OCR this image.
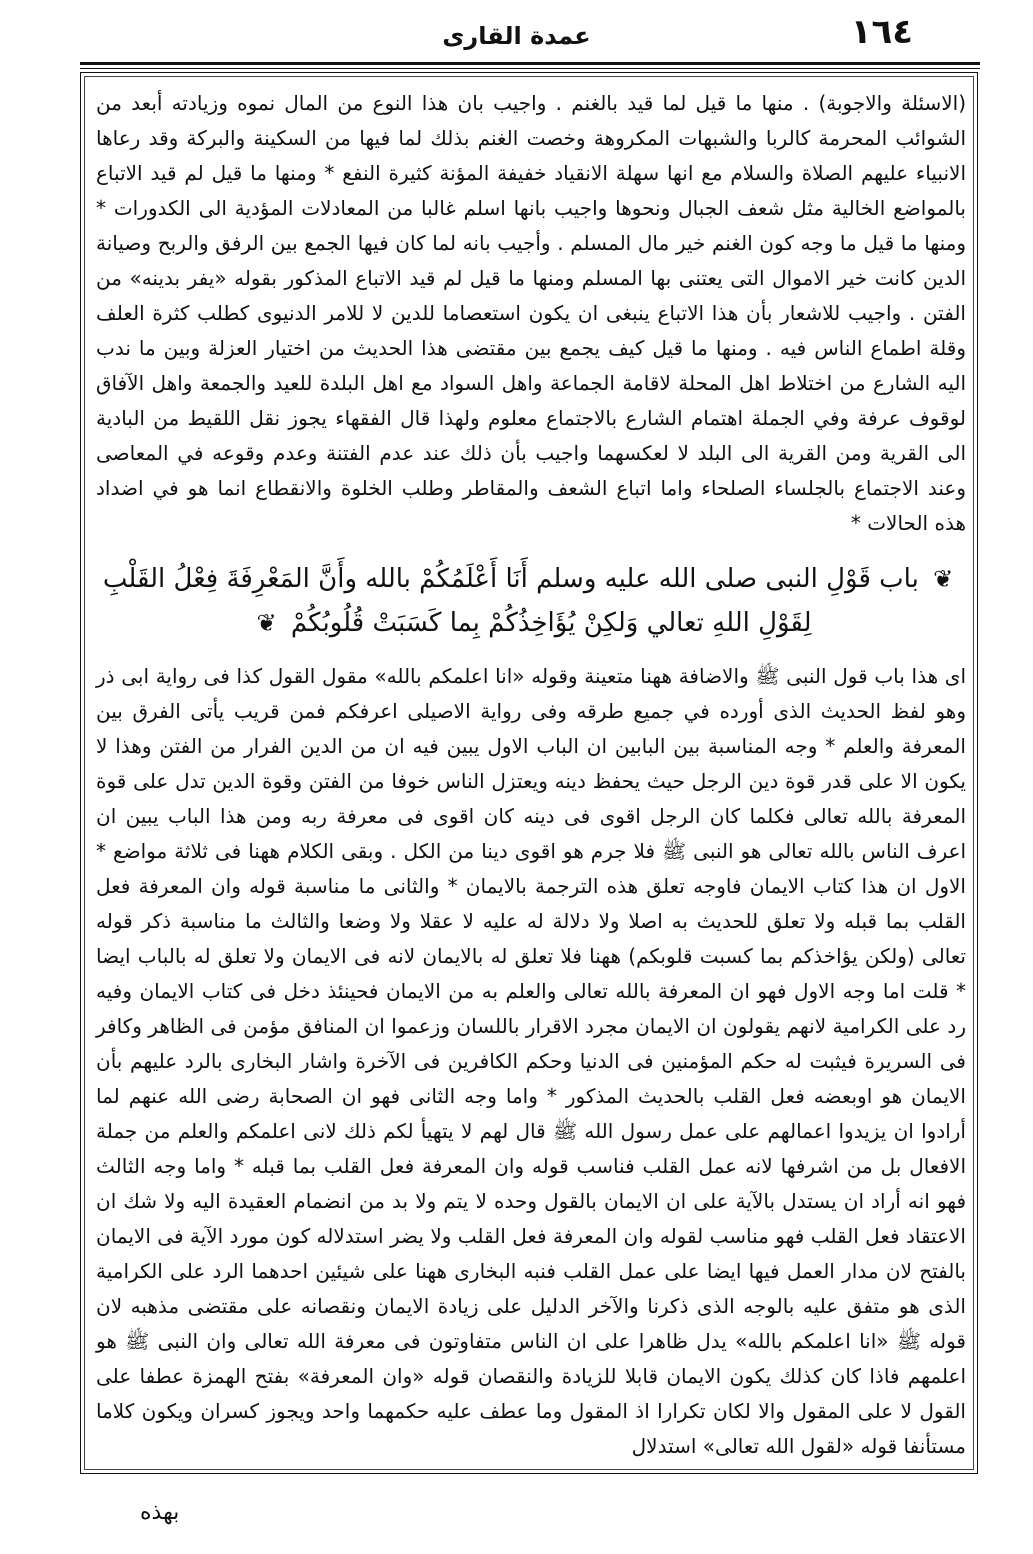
١٦٤
عمدة القارى

(الاسئلة والاجوبة) . منها ما قيل لما قيد بالغنم . واجيب بان هذا النوع من المال نموه وزيادته أبعد من الشوائب المحرمة كالربا والشبهات المكروهة وخصت الغنم بذلك لما فيها من السكينة والبركة وقد رعاها الانبياء عليهم الصلاة والسلام مع انها سهلة الانقياد خفيفة المؤنة كثيرة النفع * ومنها ما قيل لم قيد الاتباع بالمواضع الخالية مثل شعف الجبال ونحوها واجيب بانها اسلم غالبا من المعادلات المؤدية الى الكدورات * ومنها ما قيل ما وجه كون الغنم خير مال المسلم . وأجيب بانه لما كان فيها الجمع بين الرفق والربح وصيانة الدين كانت خير الاموال التى يعتنى بها المسلم ومنها ما قيل لم قيد الاتباع المذكور بقوله «يفر بدينه» من الفتن . واجيب للاشعار بأن هذا الاتباع ينبغى ان يكون استعصاما للدين لا للامر الدنيوى كطلب كثرة العلف وقلة اطماع الناس فيه . ومنها ما قيل كيف يجمع بين مقتضى هذا الحديث من اختيار العزلة وبين ما ندب اليه الشارع من اختلاط اهل المحلة لاقامة الجماعة واهل السواد مع اهل البلدة للعيد والجمعة واهل الآفاق لوقوف عرفة وفي الجملة اهتمام الشارع بالاجتماع معلوم ولهذا قال الفقهاء يجوز نقل اللقيط من البادية الى القرية ومن القرية الى البلد لا لعكسهما واجيب بأن ذلك عند عدم الفتنة وعدم وقوعه في المعاصى وعند الاجتماع بالجلساء الصلحاء واما اتباع الشعف والمقاطر وطلب الخلوة والانقطاع انما هو في اضداد هذه الحالات *

❦ باب قَوْلِ النبى صلى الله عليه وسلم أَنَا أَعْلَمُكُمْ بالله وأَنَّ المَعْرِفَةَ فِعْلُ القَلْبِ لِقَوْلِ اللهِ تعالي وَلكِنْ يُؤَاخِذُكُمْ بِما كَسَبَتْ قُلُوبُكُمْ ❦

اى هذا باب قول النبى ﷺ والاضافة ههنا متعينة وقوله «انا اعلمكم بالله» مقول القول كذا فى رواية ابى ذر وهو لفظ الحديث الذى أورده في جميع طرقه وفى رواية الاصيلى اعرفكم فمن قريب يأتى الفرق بين المعرفة والعلم * وجه المناسبة بين البابين ان الباب الاول يبين فيه ان من الدين الفرار من الفتن وهذا لا يكون الا على قدر قوة دين الرجل حيث يحفظ دينه ويعتزل الناس خوفا من الفتن وقوة الدين تدل على قوة المعرفة بالله تعالى فكلما كان الرجل اقوى فى دينه كان اقوى فى معرفة ربه ومن هذا الباب يبين ان اعرف الناس بالله تعالى هو النبى ﷺ فلا جرم هو اقوى دينا من الكل . وبقى الكلام ههنا فى ثلاثة مواضع * الاول ان هذا كتاب الايمان فاوجه تعلق هذه الترجمة بالايمان * والثانى ما مناسبة قوله وان المعرفة فعل القلب بما قبله ولا تعلق للحديث به اصلا ولا دلالة له عليه لا عقلا ولا وضعا والثالث ما مناسبة ذكر قوله تعالى (ولكن يؤاخذكم بما كسبت قلوبكم) ههنا فلا تعلق له بالايمان لانه فى الايمان ولا تعلق له بالباب ايضا * قلت اما وجه الاول فهو ان المعرفة بالله تعالى والعلم به من الايمان فحينئذ دخل فى كتاب الايمان وفيه رد على الكرامية لانهم يقولون ان الايمان مجرد الاقرار باللسان وزعموا ان المنافق مؤمن فى الظاهر وكافر فى السريرة فيثبت له حكم المؤمنين فى الدنيا وحكم الكافرين فى الآخرة واشار البخارى بالرد عليهم بأن الايمان هو اوبعضه فعل القلب بالحديث المذكور * واما وجه الثانى فهو ان الصحابة رضى الله عنهم لما أرادوا ان يزيدوا اعمالهم على عمل رسول الله ﷺ قال لهم لا يتهيأ لكم ذلك لانى اعلمكم والعلم من جملة الافعال بل من اشرفها لانه عمل القلب فناسب قوله وان المعرفة فعل القلب بما قبله * واما وجه الثالث فهو انه أراد ان يستدل بالآية على ان الايمان بالقول وحده لا يتم ولا بد من انضمام العقيدة اليه ولا شك ان الاعتقاد فعل القلب فهو مناسب لقوله وان المعرفة فعل القلب ولا يضر استدلاله كون مورد الآية فى الايمان بالفتح لان مدار العمل فيها ايضا على عمل القلب فنبه البخارى ههنا على شيئين احدهما الرد على الكرامية الذى هو متفق عليه بالوجه الذى ذكرنا والآخر الدليل على زيادة الايمان ونقصانه على مقتضى مذهبه لان قوله ﷺ «انا اعلمكم بالله» يدل ظاهرا على ان الناس متفاوتون فى معرفة الله تعالى وان النبى ﷺ هو اعلمهم فاذا كان كذلك يكون الايمان قابلا للزيادة والنقصان قوله «وان المعرفة» بفتح الهمزة عطفا على القول لا على المقول والا لكان تكرارا اذ المقول وما عطف عليه حكمهما واحد ويجوز كسران ويكون كلاما مستأنفا قوله «لقول الله تعالى» استدلال

بهذه
